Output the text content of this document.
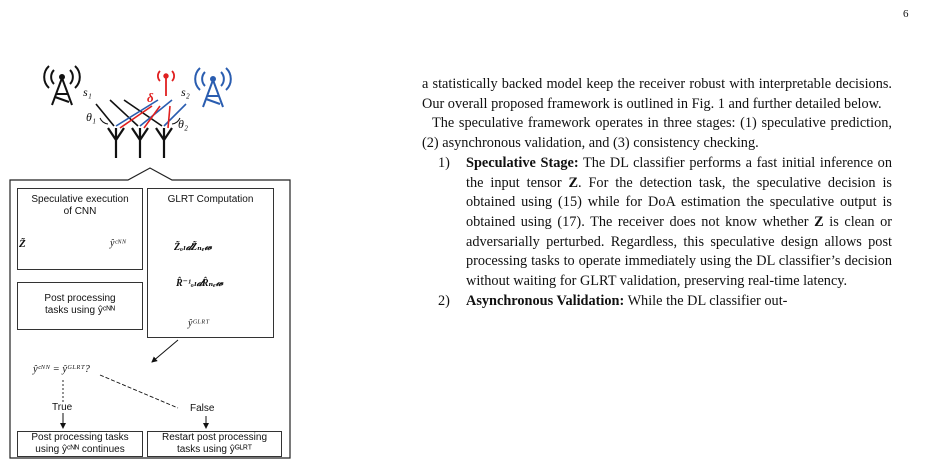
6
s₁	s₂
θ₁	θ₂
δ
Speculative execution
of CNN
Z̃	ŷᶜᴺᴺ
GLRT Computation
Z̃ₒₗ𝒹Z̃ₙₑ𝓌
R̂⁻¹ₒₗ𝒹R̂ₙₑ𝓌
ŷᴳᴸᴿᵀ
Post processing
tasks using ŷᶜᴺᴺ
ŷᶜᴺᴺ = ŷᴳᴸᴿᵀ?
True	False
Post processing tasks
using ŷᶜᴺᴺ continues
Restart post processing
tasks using ŷᴳᴸᴿᵀ

a statistically backed model keep the receiver robust with interpretable decisions. Our overall proposed framework is outlined in Fig. 1 and further detailed below.

The speculative framework operates in three stages: (1) speculative prediction, (2) asynchronous validation, and (3) consistency checking.

1) Speculative Stage: The DL classifier performs a fast initial inference on the input tensor Z. For the detection task, the speculative decision is obtained using (15) while for DoA estimation the speculative output is obtained using (17). The receiver does not know whether Z is clean or adversarially perturbed. Regardless, this speculative design allows post processing tasks to operate immediately using the DL classifier’s decision without waiting for GLRT validation, preserving real-time latency.
2) Asynchronous Validation: While the DL classifier out-
